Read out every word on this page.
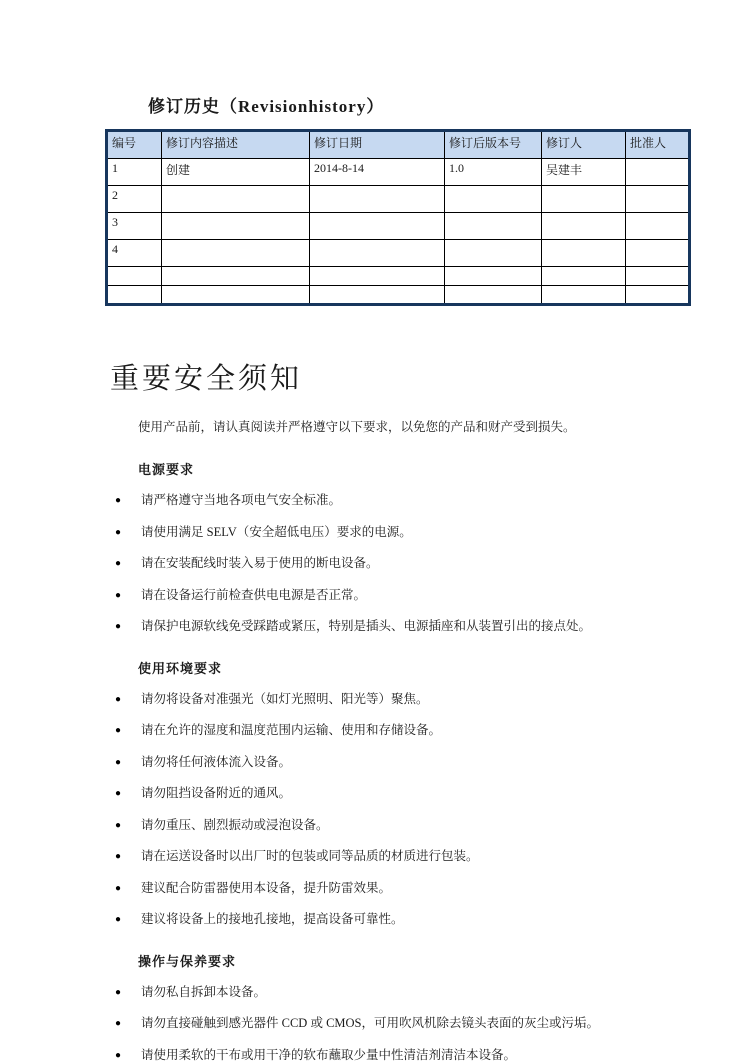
修订历史（Revisionhistory）
编号	修订内容描述	修订日期	修订后版本号	修订人	批准人
1	创建	2014-8-14	1.0	吴建丰	
2					
3					
4					

重要安全须知

使用产品前，请认真阅读并严格遵守以下要求，以免您的产品和财产受到损失。

电源要求
●	请严格遵守当地各项电气安全标准。
●	请使用满足 SELV（安全超低电压）要求的电源。
●	请在安装配线时装入易于使用的断电设备。
●	请在设备运行前检查供电电源是否正常。
●	请保护电源软线免受踩踏或紧压，特别是插头、电源插座和从装置引出的接点处。
使用环境要求
●	请勿将设备对准强光（如灯光照明、阳光等）聚焦。
●	请在允许的湿度和温度范围内运输、使用和存储设备。
●	请勿将任何液体流入设备。
●	请勿阻挡设备附近的通风。
●	请勿重压、剧烈振动或浸泡设备。
●	请在运送设备时以出厂时的包装或同等品质的材质进行包装。
●	建议配合防雷器使用本设备，提升防雷效果。
●	建议将设备上的接地孔接地，提高设备可靠性。
操作与保养要求
●	请勿私自拆卸本设备。
●	请勿直接碰触到感光器件 CCD 或 CMOS，可用吹风机除去镜头表面的灰尘或污垢。
●	请使用柔软的干布或用干净的软布蘸取少量中性清洁剂清洁本设备。
